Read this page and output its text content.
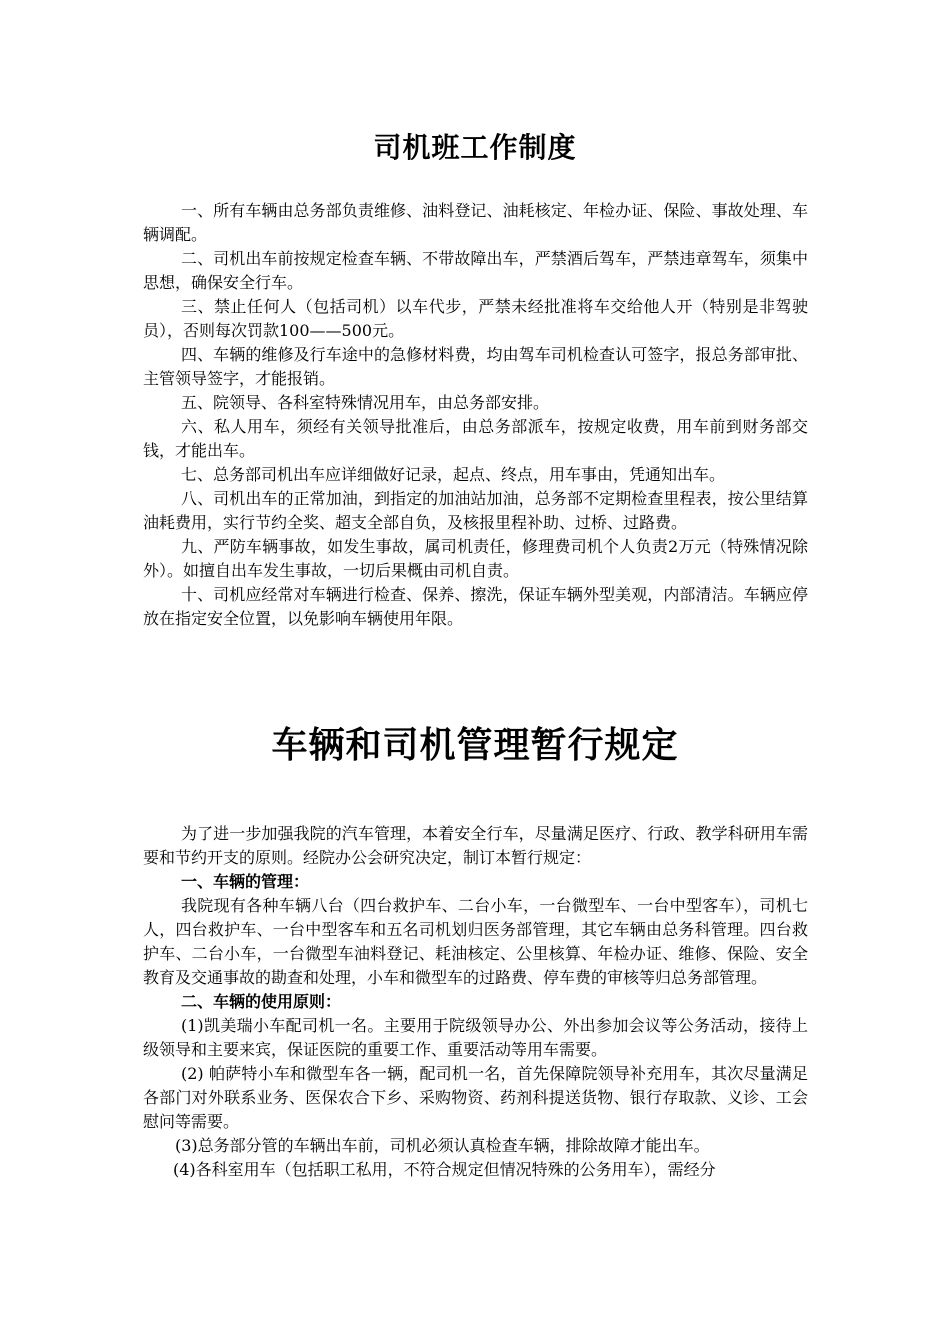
司机班工作制度

一、所有车辆由总务部负责维修、油料登记、油耗核定、年检办证、保险、事故处理、车辆调配。

二、司机出车前按规定检查车辆、不带故障出车，严禁酒后驾车，严禁违章驾车，须集中思想，确保安全行车。

三、禁止任何人（包括司机）以车代步，严禁未经批准将车交给他人开（特别是非驾驶员），否则每次罚款100——500元。

四、车辆的维修及行车途中的急修材料费，均由驾车司机检查认可签字，报总务部审批、主管领导签字，才能报销。

五、院领导、各科室特殊情况用车，由总务部安排。

六、私人用车，须经有关领导批准后，由总务部派车，按规定收费，用车前到财务部交钱，才能出车。

七、总务部司机出车应详细做好记录，起点、终点，用车事由，凭通知出车。

八、司机出车的正常加油，到指定的加油站加油，总务部不定期检查里程表，按公里结算油耗费用，实行节约全奖、超支全部自负，及核报里程补助、过桥、过路费。

九、严防车辆事故，如发生事故，属司机责任，修理费司机个人负责2万元（特殊情况除外）。如擅自出车发生事故，一切后果概由司机自责。

十、司机应经常对车辆进行检查、保养、擦洗，保证车辆外型美观，内部清洁。车辆应停放在指定安全位置，以免影响车辆使用年限。

车辆和司机管理暂行规定

为了进一步加强我院的汽车管理，本着安全行车，尽量满足医疗、行政、教学科研用车需要和节约开支的原则。经院办公会研究决定，制订本暂行规定：

一、车辆的管理：

我院现有各种车辆八台（四台救护车、二台小车，一台微型车、一台中型客车），司机七人，四台救护车、一台中型客车和五名司机划归医务部管理，其它车辆由总务科管理。四台救护车、二台小车，一台微型车油料登记、耗油核定、公里核算、年检办证、维修、保险、安全教育及交通事故的勘查和处理，小车和微型车的过路费、停车费的审核等归总务部管理。

二、车辆的使用原则：

(1)凯美瑞小车配司机一名。主要用于院级领导办公、外出参加会议等公务活动，接待上级领导和主要来宾，保证医院的重要工作、重要活动等用车需要。

(2) 帕萨特小车和微型车各一辆，配司机一名，首先保障院领导补充用车，其次尽量满足各部门对外联系业务、医保农合下乡、采购物资、药剂科提送货物、银行存取款、义诊、工会慰问等需要。

(3)总务部分管的车辆出车前，司机必须认真检查车辆，排除故障才能出车。

(4)各科室用车（包括职工私用，不符合规定但情况特殊的公务用车），需经分
